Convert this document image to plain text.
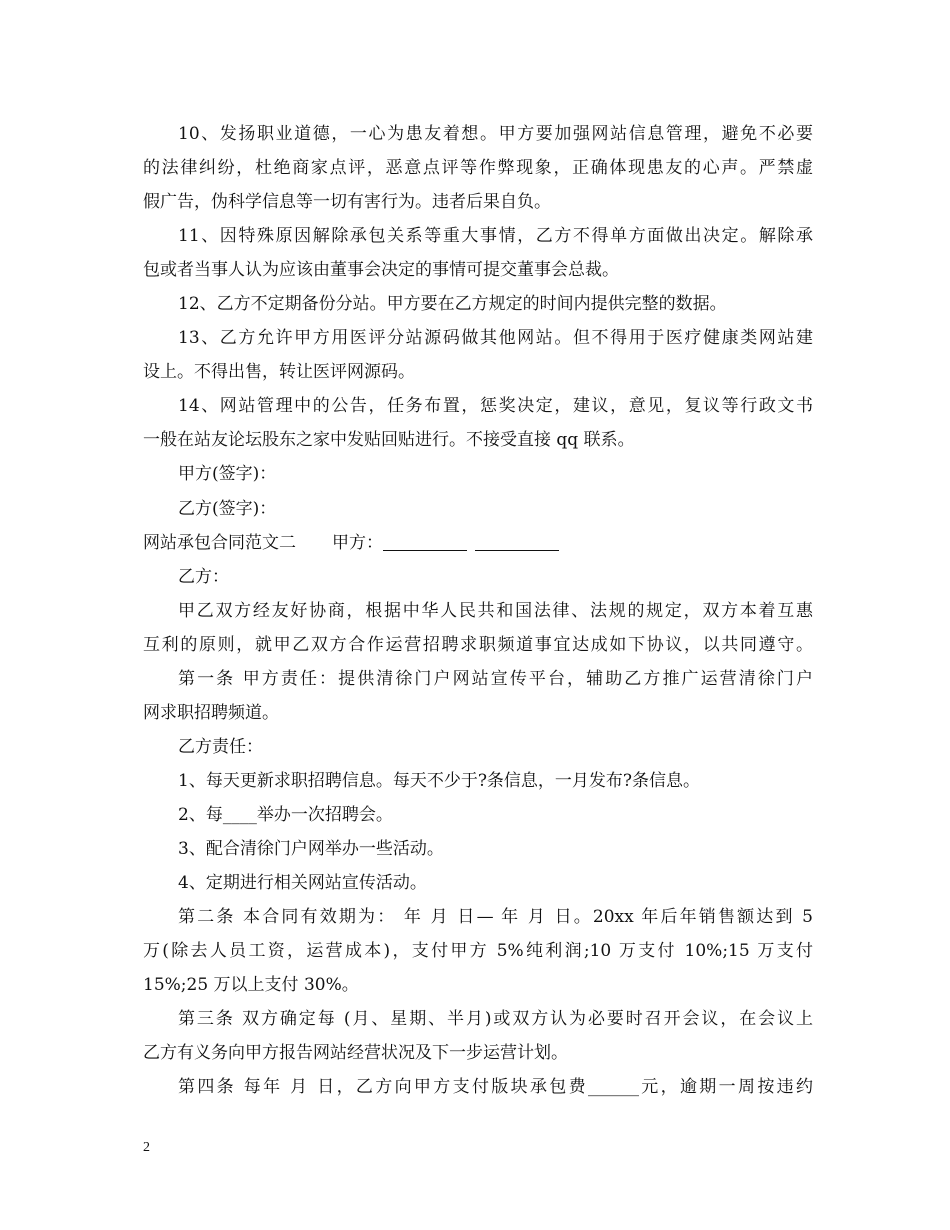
10、发扬职业道德，一心为患友着想。甲方要加强网站信息管理，避免不必要
的法律纠纷，杜绝商家点评，恶意点评等作弊现象，正确体现患友的心声。严禁虚
假广告，伪科学信息等一切有害行为。违者后果自负。
11、因特殊原因解除承包关系等重大事情，乙方不得单方面做出决定。解除承
包或者当事人认为应该由董事会决定的事情可提交董事会总裁。
12、乙方不定期备份分站。甲方要在乙方规定的时间内提供完整的数据。
13、乙方允许甲方用医评分站源码做其他网站。但不得用于医疗健康类网站建
设上。不得出售，转让医评网源码。
14、网站管理中的公告，任务布置，惩奖决定，建议，意见，复议等行政文书
一般在站友论坛股东之家中发贴回贴进行。不接受直接 qq 联系。
甲方(签字)：
乙方(签字)：
网站承包合同范文二 甲方：
乙方：
甲乙双方经友好协商，根据中华人民共和国法律、法规的规定，双方本着互惠
互利的原则，就甲乙双方合作运营招聘求职频道事宜达成如下协议，以共同遵守。
第一条 甲方责任：提供清徐门户网站宣传平台，辅助乙方推广运营清徐门户
网求职招聘频道。
乙方责任：
1、每天更新求职招聘信息。每天不少于?条信息，一月发布?条信息。
2、每____举办一次招聘会。
3、配合清徐门户网举办一些活动。
4、定期进行相关网站宣传活动。
第二条 本合同有效期为： 年 月 日— 年 月 日。20xx 年后年销售额达到 5
万(除去人员工资，运营成本)，支付甲方 5%纯利润;10 万支付 10%;15 万支付
15%;25 万以上支付 30%。
第三条 双方确定每 (月、星期、半月)或双方认为必要时召开会议，在会议上
乙方有义务向甲方报告网站经营状况及下一步运营计划。
第四条 每年 月 日，乙方向甲方支付版块承包费______元，逾期一周按违约
2
